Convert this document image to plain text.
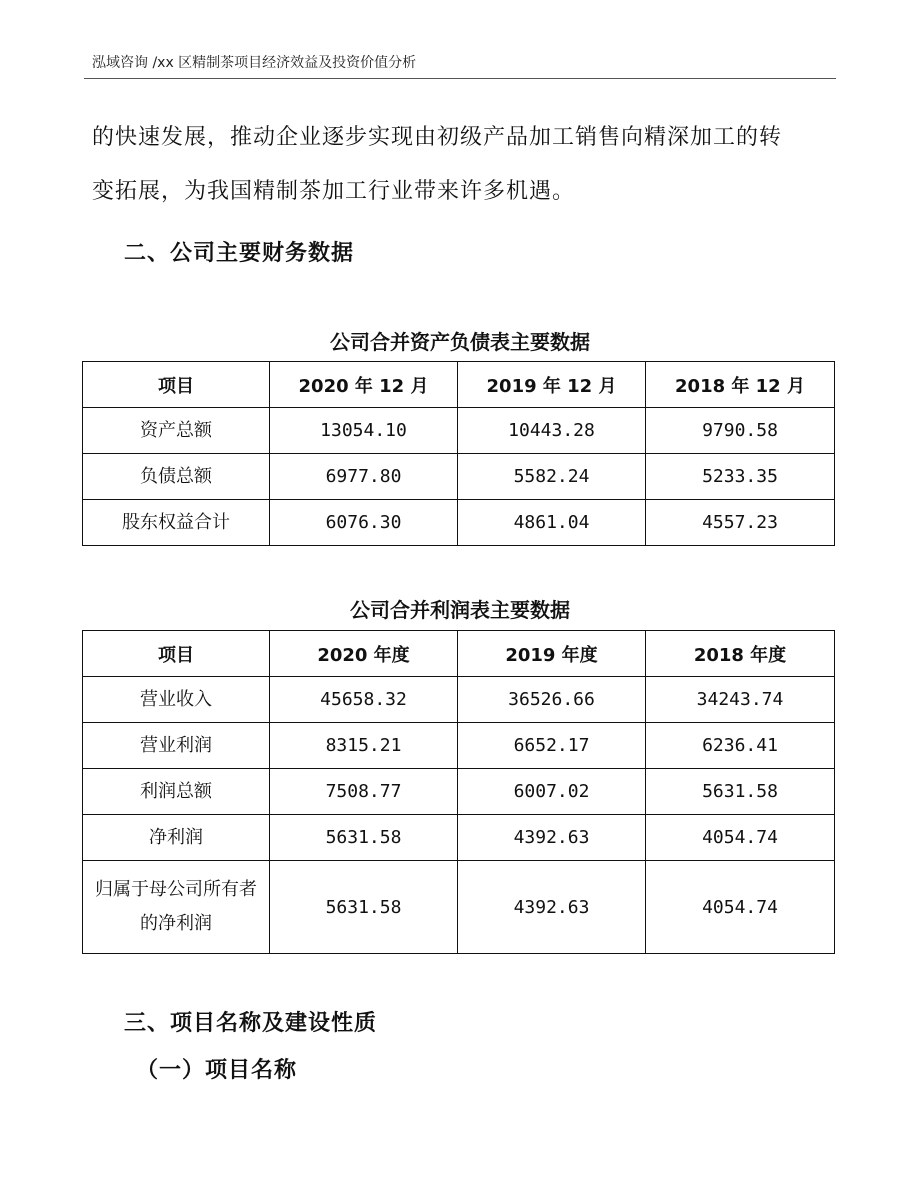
泓域咨询 /xx 区精制茶项目经济效益及投资价值分析
的快速发展，推动企业逐步实现由初级产品加工销售向精深加工的转
变拓展，为我国精制茶加工行业带来许多机遇。
二、公司主要财务数据
公司合并资产负债表主要数据
项目	2020 年 12 月	2019 年 12 月	2018 年 12 月
资产总额	13054.10	10443.28	9790.58
负债总额	6977.80	5582.24	5233.35
股东权益合计	6076.30	4861.04	4557.23
公司合并利润表主要数据
项目	2020 年度	2019 年度	2018 年度
营业收入	45658.32	36526.66	34243.74
营业利润	8315.21	6652.17	6236.41
利润总额	7508.77	6007.02	5631.58
净利润	5631.58	4392.63	4054.74
归属于母公司所有者的净利润	5631.58	4392.63	4054.74
三、项目名称及建设性质
（一）项目名称
